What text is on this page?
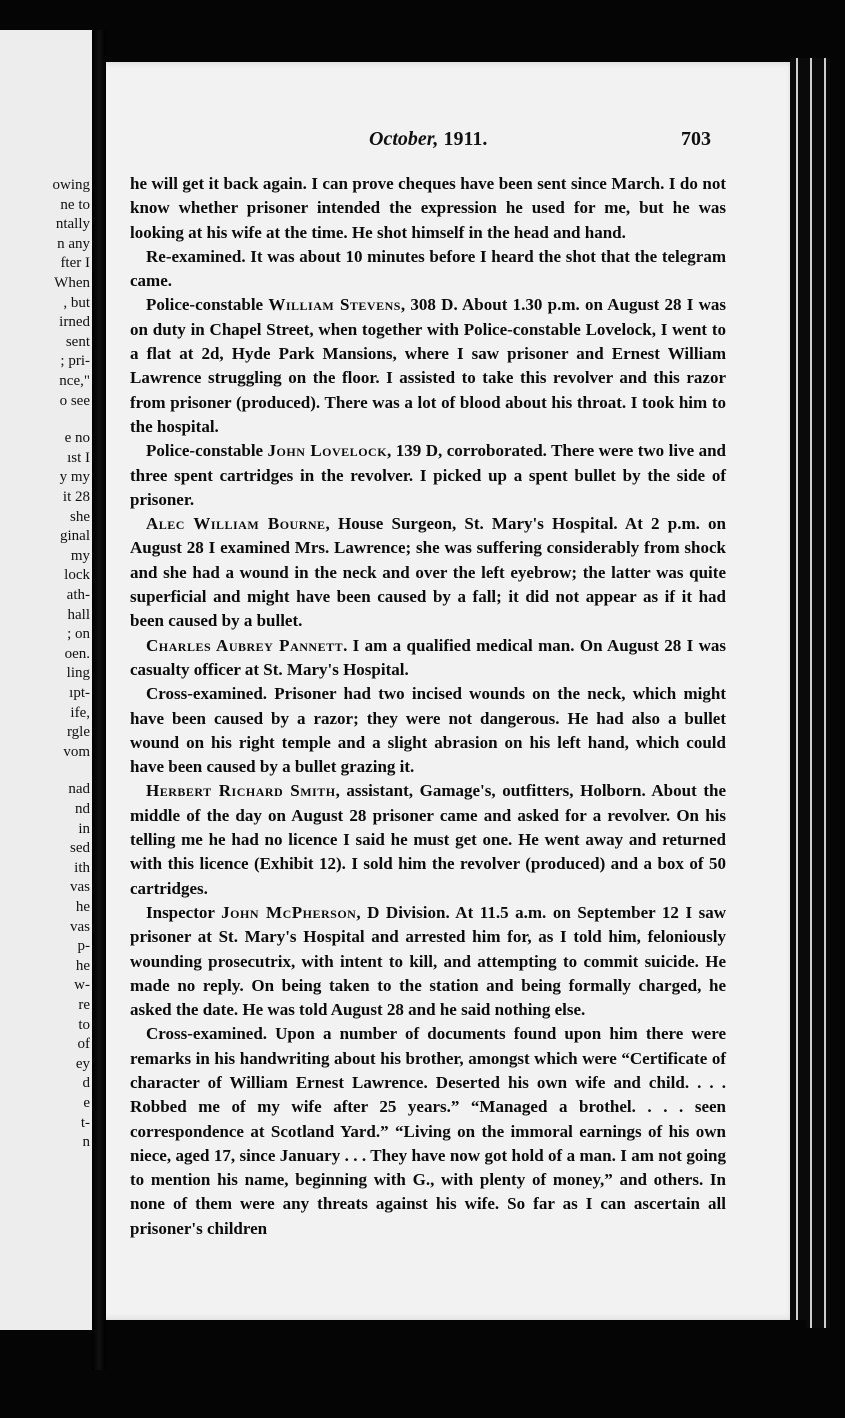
owing
ne to
ntally
n any
fter I
When
, but
irned
sent
; pri-
nce,"
o see
e no
ıst I
y my
it 28
she
ginal
my
lock
ath-
hall
; on
oen.
ling
ıpt-
ife,
rgle
vom
nad
nd
in
sed
ith
vas
he
vas
p-
he
w-
re
to
of
ey
d
e
t-
n
October, 1911.	703

he will get it back again. I can prove cheques have been sent since March. I do not know whether prisoner intended the expression he used for me, but he was looking at his wife at the time. He shot himself in the head and hand.

Re-examined. It was about 10 minutes before I heard the shot that the telegram came.

Police-constable William Stevens, 308 D. About 1.30 p.m. on August 28 I was on duty in Chapel Street, when together with Police-constable Lovelock, I went to a flat at 2d, Hyde Park Mansions, where I saw prisoner and Ernest William Lawrence struggling on the floor. I assisted to take this revolver and this razor from prisoner (produced). There was a lot of blood about his throat. I took him to the hospital.

Police-constable John Lovelock, 139 D, corroborated. There were two live and three spent cartridges in the revolver. I picked up a spent bullet by the side of prisoner.

Alec William Bourne, House Surgeon, St. Mary's Hospital. At 2 p.m. on August 28 I examined Mrs. Lawrence; she was suffering considerably from shock and she had a wound in the neck and over the left eyebrow; the latter was quite superficial and might have been caused by a fall; it did not appear as if it had been caused by a bullet.

Charles Aubrey Pannett. I am a qualified medical man. On August 28 I was casualty officer at St. Mary's Hospital.

Cross-examined. Prisoner had two incised wounds on the neck, which might have been caused by a razor; they were not dangerous. He had also a bullet wound on his right temple and a slight abrasion on his left hand, which could have been caused by a bullet grazing it.

Herbert Richard Smith, assistant, Gamage's, outfitters, Holborn. About the middle of the day on August 28 prisoner came and asked for a revolver. On his telling me he had no licence I said he must get one. He went away and returned with this licence (Exhibit 12). I sold him the revolver (produced) and a box of 50 cartridges.

Inspector John McPherson, D Division. At 11.5 a.m. on September 12 I saw prisoner at St. Mary's Hospital and arrested him for, as I told him, feloniously wounding prosecutrix, with intent to kill, and attempting to commit suicide. He made no reply. On being taken to the station and being formally charged, he asked the date. He was told August 28 and he said nothing else.

Cross-examined. Upon a number of documents found upon him there were remarks in his handwriting about his brother, amongst which were “Certificate of character of William Ernest Lawrence. Deserted his own wife and child. . . . Robbed me of my wife after 25 years.” “Managed a brothel. . . . seen correspondence at Scotland Yard.” “Living on the immoral earnings of his own niece, aged 17, since January . . . They have now got hold of a man. I am not going to mention his name, beginning with G., with plenty of money,” and others. In none of them were any threats against his wife. So far as I can ascertain all prisoner's children
